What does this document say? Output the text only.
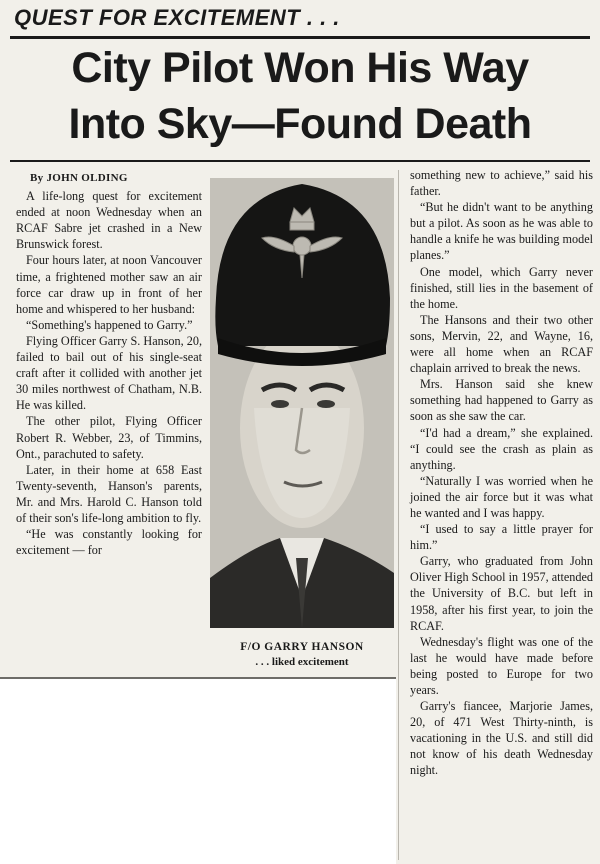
QUEST FOR EXCITEMENT . . .
City Pilot Won His Way
Into Sky—Found Death

By JOHN OLDING

A life-long quest for excitement ended at noon Wednesday when an RCAF Sabre jet crashed in a New Brunswick forest.

Four hours later, at noon Vancouver time, a frightened mother saw an air force car draw up in front of her home and whispered to her husband:

“Something's happened to Garry.”

Flying Officer Garry S. Hanson, 20, failed to bail out of his single-seat craft after it collided with another jet 30 miles northwest of Chatham, N.B. He was killed.

The other pilot, Flying Officer Robert R. Webber, 23, of Timmins, Ont., parachuted to safety.

Later, in their home at 658 East Twenty-seventh, Hanson's parents, Mr. and Mrs. Harold C. Hanson told of their son's life-long ambition to fly.

“He was constantly looking for excitement — for

F/O GARRY HANSON
. . . liked excitement

something new to achieve,” said his father.

“But he didn't want to be anything but a pilot. As soon as he was able to handle a knife he was building model planes.”

One model, which Garry never finished, still lies in the basement of the home.

The Hansons and their two other sons, Mervin, 22, and Wayne, 16, were all home when an RCAF chaplain arrived to break the news.

Mrs. Hanson said she knew something had happened to Garry as soon as she saw the car.

“I'd had a dream,” she explained. “I could see the crash as plain as anything.

“Naturally I was worried when he joined the air force but it was what he wanted and I was happy.

“I used to say a little prayer for him.”

Garry, who graduated from John Oliver High School in 1957, attended the University of B.C. but left in 1958, after his first year, to join the RCAF.

Wednesday's flight was one of the last he would have made before being posted to Europe for two years.

Garry's fiancee, Marjorie James, 20, of 471 West Thirty-ninth, is vacationing in the U.S. and still did not know of his death Wednesday night.
